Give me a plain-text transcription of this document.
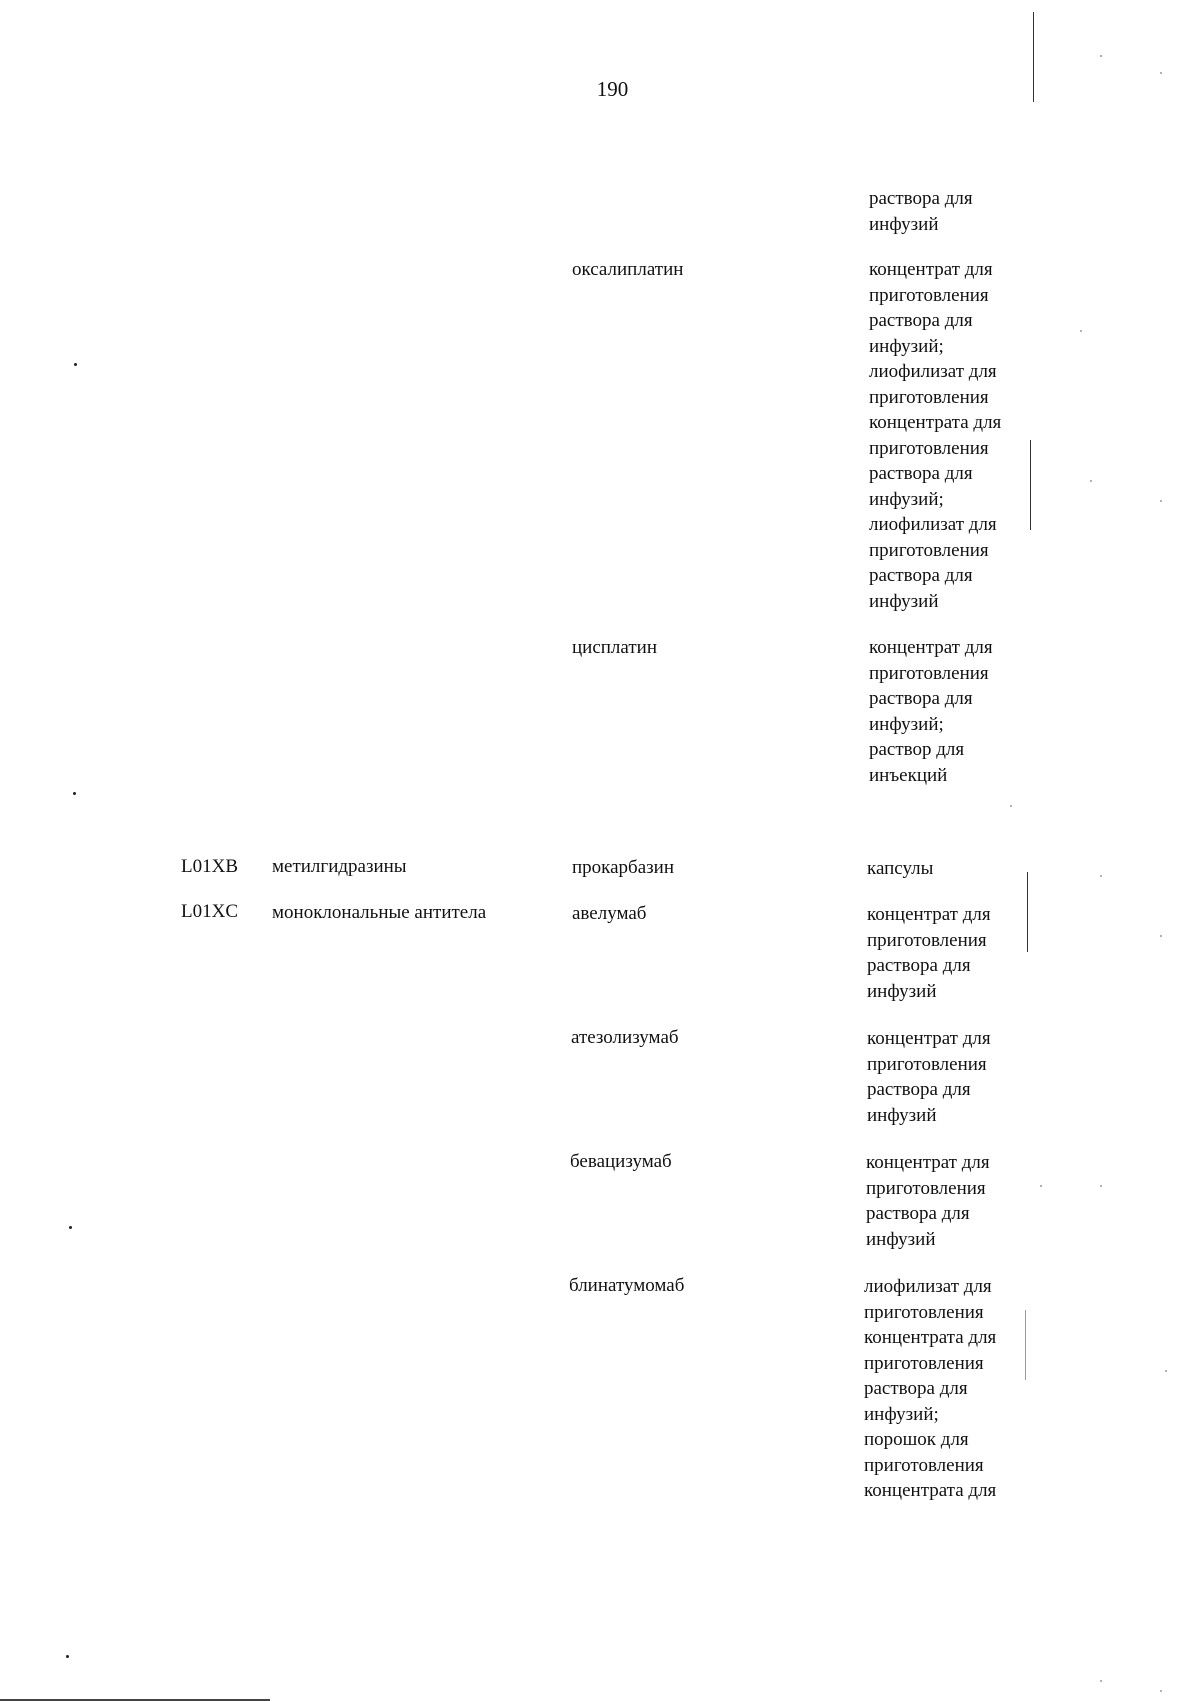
190
раствора для
инфузий
оксалиплатин	концентрат для
приготовления
раствора для
инфузий;
лиофилизат для
приготовления
концентрата для
приготовления
раствора для
инфузий;
лиофилизат для
приготовления
раствора для
инфузий
цисплатин	концентрат для
приготовления
раствора для
инфузий;
раствор для
инъекций
L01XB метилгидразины	прокарбазин	капсулы
L01XC моноклональные антитела	авелумаб	концентрат для
приготовления
раствора для
инфузий
атезолизумаб	концентрат для
приготовления
раствора для
инфузий
бевацизумаб	концентрат для
приготовления
раствора для
инфузий
блинатумомаб	лиофилизат для
приготовления
концентрата для
приготовления
раствора для
инфузий;
порошок для
приготовления
концентрата для
